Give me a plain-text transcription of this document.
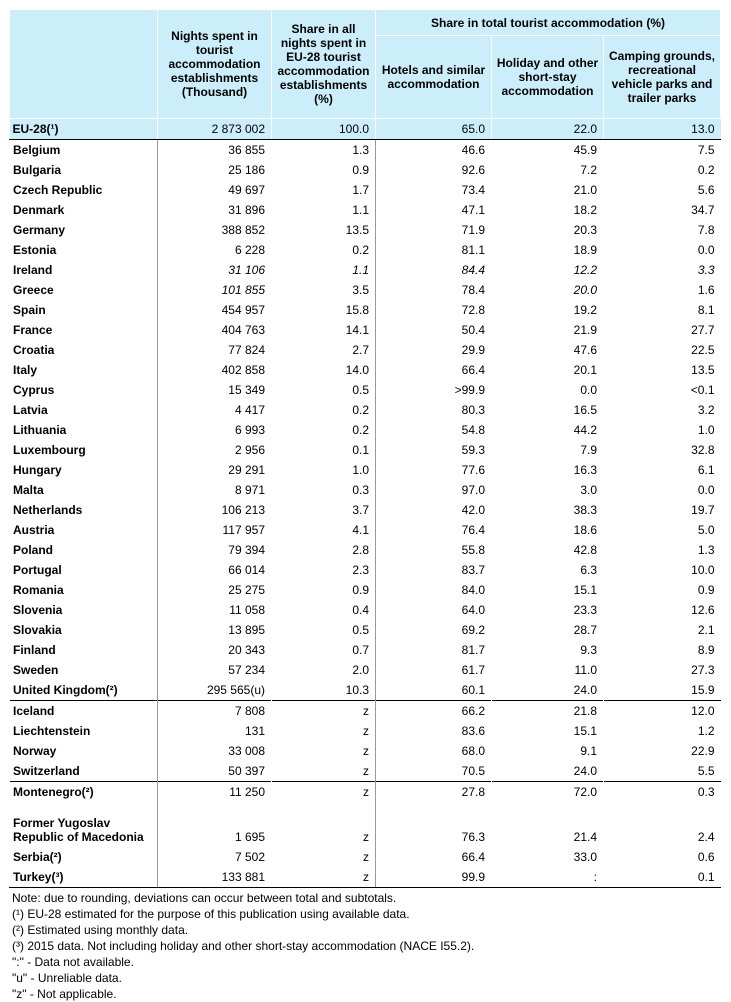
	Nights spent in tourist accommodation establishments (Thousand)	Share in all nights spent in EU-28 tourist accommodation establishments (%)	Share in total tourist accommodation (%)		
			Hotels and similar accommodation	Holiday and other short-stay accommodation	Camping grounds, recreational vehicle parks and trailer parks
EU-28(¹)	2 873 002	100.0	65.0	22.0	13.0
Belgium	36 855	1.3	46.6	45.9	7.5
Bulgaria	25 186	0.9	92.6	7.2	0.2
Czech Republic	49 697	1.7	73.4	21.0	5.6
Denmark	31 896	1.1	47.1	18.2	34.7
Germany	388 852	13.5	71.9	20.3	7.8
Estonia	6 228	0.2	81.1	18.9	0.0
Ireland	31 106	1.1	84.4	12.2	3.3
Greece	101 855	3.5	78.4	20.0	1.6
Spain	454 957	15.8	72.8	19.2	8.1
France	404 763	14.1	50.4	21.9	27.7
Croatia	77 824	2.7	29.9	47.6	22.5
Italy	402 858	14.0	66.4	20.1	13.5
Cyprus	15 349	0.5	>99.9	0.0	<0.1
Latvia	4 417	0.2	80.3	16.5	3.2
Lithuania	6 993	0.2	54.8	44.2	1.0
Luxembourg	2 956	0.1	59.3	7.9	32.8
Hungary	29 291	1.0	77.6	16.3	6.1
Malta	8 971	0.3	97.0	3.0	0.0
Netherlands	106 213	3.7	42.0	38.3	19.7
Austria	117 957	4.1	76.4	18.6	5.0
Poland	79 394	2.8	55.8	42.8	1.3
Portugal	66 014	2.3	83.7	6.3	10.0
Romania	25 275	0.9	84.0	15.1	0.9
Slovenia	11 058	0.4	64.0	23.3	12.6
Slovakia	13 895	0.5	69.2	28.7	2.1
Finland	20 343	0.7	81.7	9.3	8.9
Sweden	57 234	2.0	61.7	11.0	27.3
United Kingdom(²)	295 565(u)	10.3	60.1	24.0	15.9
Iceland	7 808	z	66.2	21.8	12.0
Liechtenstein	131	z	83.6	15.1	1.2
Norway	33 008	z	68.0	9.1	22.9
Switzerland	50 397	z	70.5	24.0	5.5
Montenegro(²)	11 250	z	27.8	72.0	0.3
Former Yugoslav Republic of Macedonia	1 695	z	76.3	21.4	2.4
Serbia(²)	7 502	z	66.4	33.0	0.6
Turkey(³)	133 881	z	99.9	:	0.1
Note: due to rounding, deviations can occur between total and subtotals.
(¹) EU-28 estimated for the purpose of this publication using available data.
(²) Estimated using monthly data.
(³) 2015 data. Not including holiday and other short-stay accommodation (NACE I55.2).
":" - Data not available.
"u" - Unreliable data.
"z" - Not applicable.
